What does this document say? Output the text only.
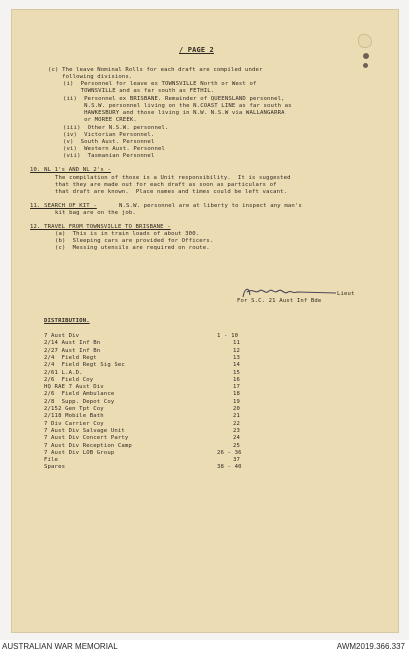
/ PAGE 2
(c) The leave Nominal Rolls for each draft are compiled under
following divisions.
(i)  Personnel for leave ex TOWNSVILLE North or West of
TOWNSVILLE and as far south as FETHIL.
(ii)  Personnel ex BRISBANE. Remainder of QUEENSLAND personnel,
N.S.W. personnel living on the N.COAST LINE as far south as
HAWKESBURY and those living in N.W. N.S.W via WALLANGARRA
or MOREE CREEK.
(iii)  Other N.S.W. personnel.
(iv)  Victorian Personnel.
(v)  South Aust. Personnel
(vi)  Western Aust. Personnel
(vii)  Tasmanian Personnel
10. NL 1's AND NL 2's -
The compilation of those is a Unit responsibility.  It is suggested
that they are made out for each draft as soon as particulars of
that draft are known.  Place names and times could be left vacant.
11. SEARCH OF KIT -	N.S.W. personnel are at liberty to inspect any man's
kit bag are on the job.
12. TRAVEL FROM TOWNSVILLE TO BRISBANE -
(a)  This is in train loads of about 300.
(b)  Sleeping cars are provided for Officers.
(c)  Messing utensils are required on route.
Lieut
For S.C. 21 Aust Inf Bde
DISTRIBUTION.
7 Aust Div	1 - 10
2/14 Aust Inf Bn	11
2/27 Aust Inf Bn	12
2/4  Field Regt	13
2/4  Field Regt Sig Sec	14
2/61 L.A.D.	15
2/6  Field Coy	16
HQ RAE 7 Aust Div	17
2/6  Field Ambulance	18
2/8  Supp. Depot Coy	19
2/152 Gen Tpt Coy	20
2/118 Mobile Bath	21
7 Div Carrier Coy	22
7 Aust Div Salvage Unit	23
7 Aust Div Concert Party	24
7 Aust Div Reception Camp	25
7 Aust Div LOB Group	26 - 36
File	37
Spares	38 - 40
AUSTRALIAN WAR MEMORIAL	AWM2019.366.337
